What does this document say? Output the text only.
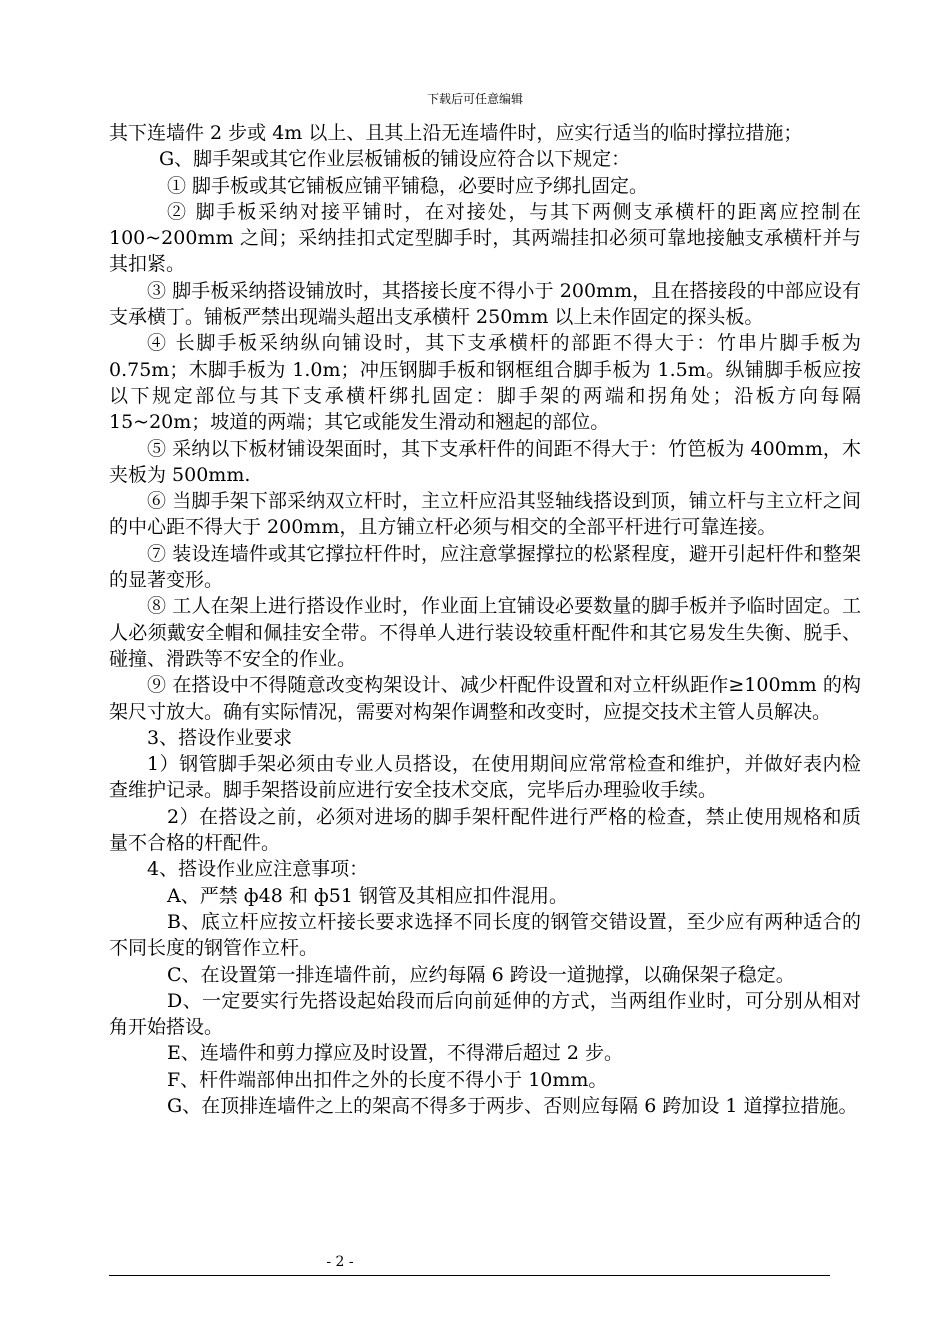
下载后可任意编辑

其下连墙件 2 步或 4m 以上、且其上沿无连墙件时，应实行适当的临时撑拉措施；

G、脚手架或其它作业层板铺板的铺设应符合以下规定：

① 脚手板或其它铺板应铺平铺稳，必要时应予绑扎固定。

② 脚手板采纳对接平铺时，在对接处，与其下两侧支承横杆的距离应控制在 100~200mm 之间；采纳挂扣式定型脚手时，其两端挂扣必须可靠地接触支承横杆并与其扣紧。

③ 脚手板采纳搭设铺放时，其搭接长度不得小于 200mm，且在搭接段的中部应设有支承横丁。铺板严禁出现端头超出支承横杆 250mm 以上未作固定的探头板。

④ 长脚手板采纳纵向铺设时，其下支承横杆的部距不得大于：竹串片脚手板为 0.75m；木脚手板为 1.0m；冲压钢脚手板和钢框组合脚手板为 1.5m。纵铺脚手板应按以下规定部位与其下支承横杆绑扎固定：脚手架的两端和拐角处；沿板方向每隔 15~20m；坡道的两端；其它或能发生滑动和翘起的部位。

⑤ 采纳以下板材铺设架面时，其下支承杆件的间距不得大于：竹笆板为 400mm，木夹板为 500mm.

⑥ 当脚手架下部采纳双立杆时，主立杆应沿其竖轴线搭设到顶，铺立杆与主立杆之间的中心距不得大于 200mm，且方铺立杆必须与相交的全部平杆进行可靠连接。

⑦ 装设连墙件或其它撑拉杆件时，应注意掌握撑拉的松紧程度，避开引起杆件和整架的显著变形。

⑧ 工人在架上进行搭设作业时，作业面上宜铺设必要数量的脚手板并予临时固定。工人必须戴安全帽和佩挂安全带。不得单人进行装设较重杆配件和其它易发生失衡、脱手、碰撞、滑跌等不安全的作业。

⑨ 在搭设中不得随意改变构架设计、减少杆配件设置和对立杆纵距作≥100mm 的构架尺寸放大。确有实际情况，需要对构架作调整和改变时，应提交技术主管人员解决。

3、搭设作业要求

1）钢管脚手架必须由专业人员搭设，在使用期间应常常检查和维护，并做好表内检查维护记录。脚手架搭设前应进行安全技术交底，完毕后办理验收手续。

2）在搭设之前，必须对进场的脚手架杆配件进行严格的检查，禁止使用规格和质量不合格的杆配件。

4、搭设作业应注意事项：

A、严禁 ф48 和 ф51 钢管及其相应扣件混用。

B、底立杆应按立杆接长要求选择不同长度的钢管交错设置，至少应有两种适合的不同长度的钢管作立杆。

C、在设置第一排连墙件前，应约每隔 6 跨设一道抛撑，以确保架子稳定。

D、一定要实行先搭设起始段而后向前延伸的方式，当两组作业时，可分别从相对角开始搭设。

E、连墙件和剪力撑应及时设置，不得滞后超过 2 步。

F、杆件端部伸出扣件之外的长度不得小于 10mm。

G、在顶排连墙件之上的架高不得多于两步、否则应每隔 6 跨加设 1 道撑拉措施。

- 2 -
